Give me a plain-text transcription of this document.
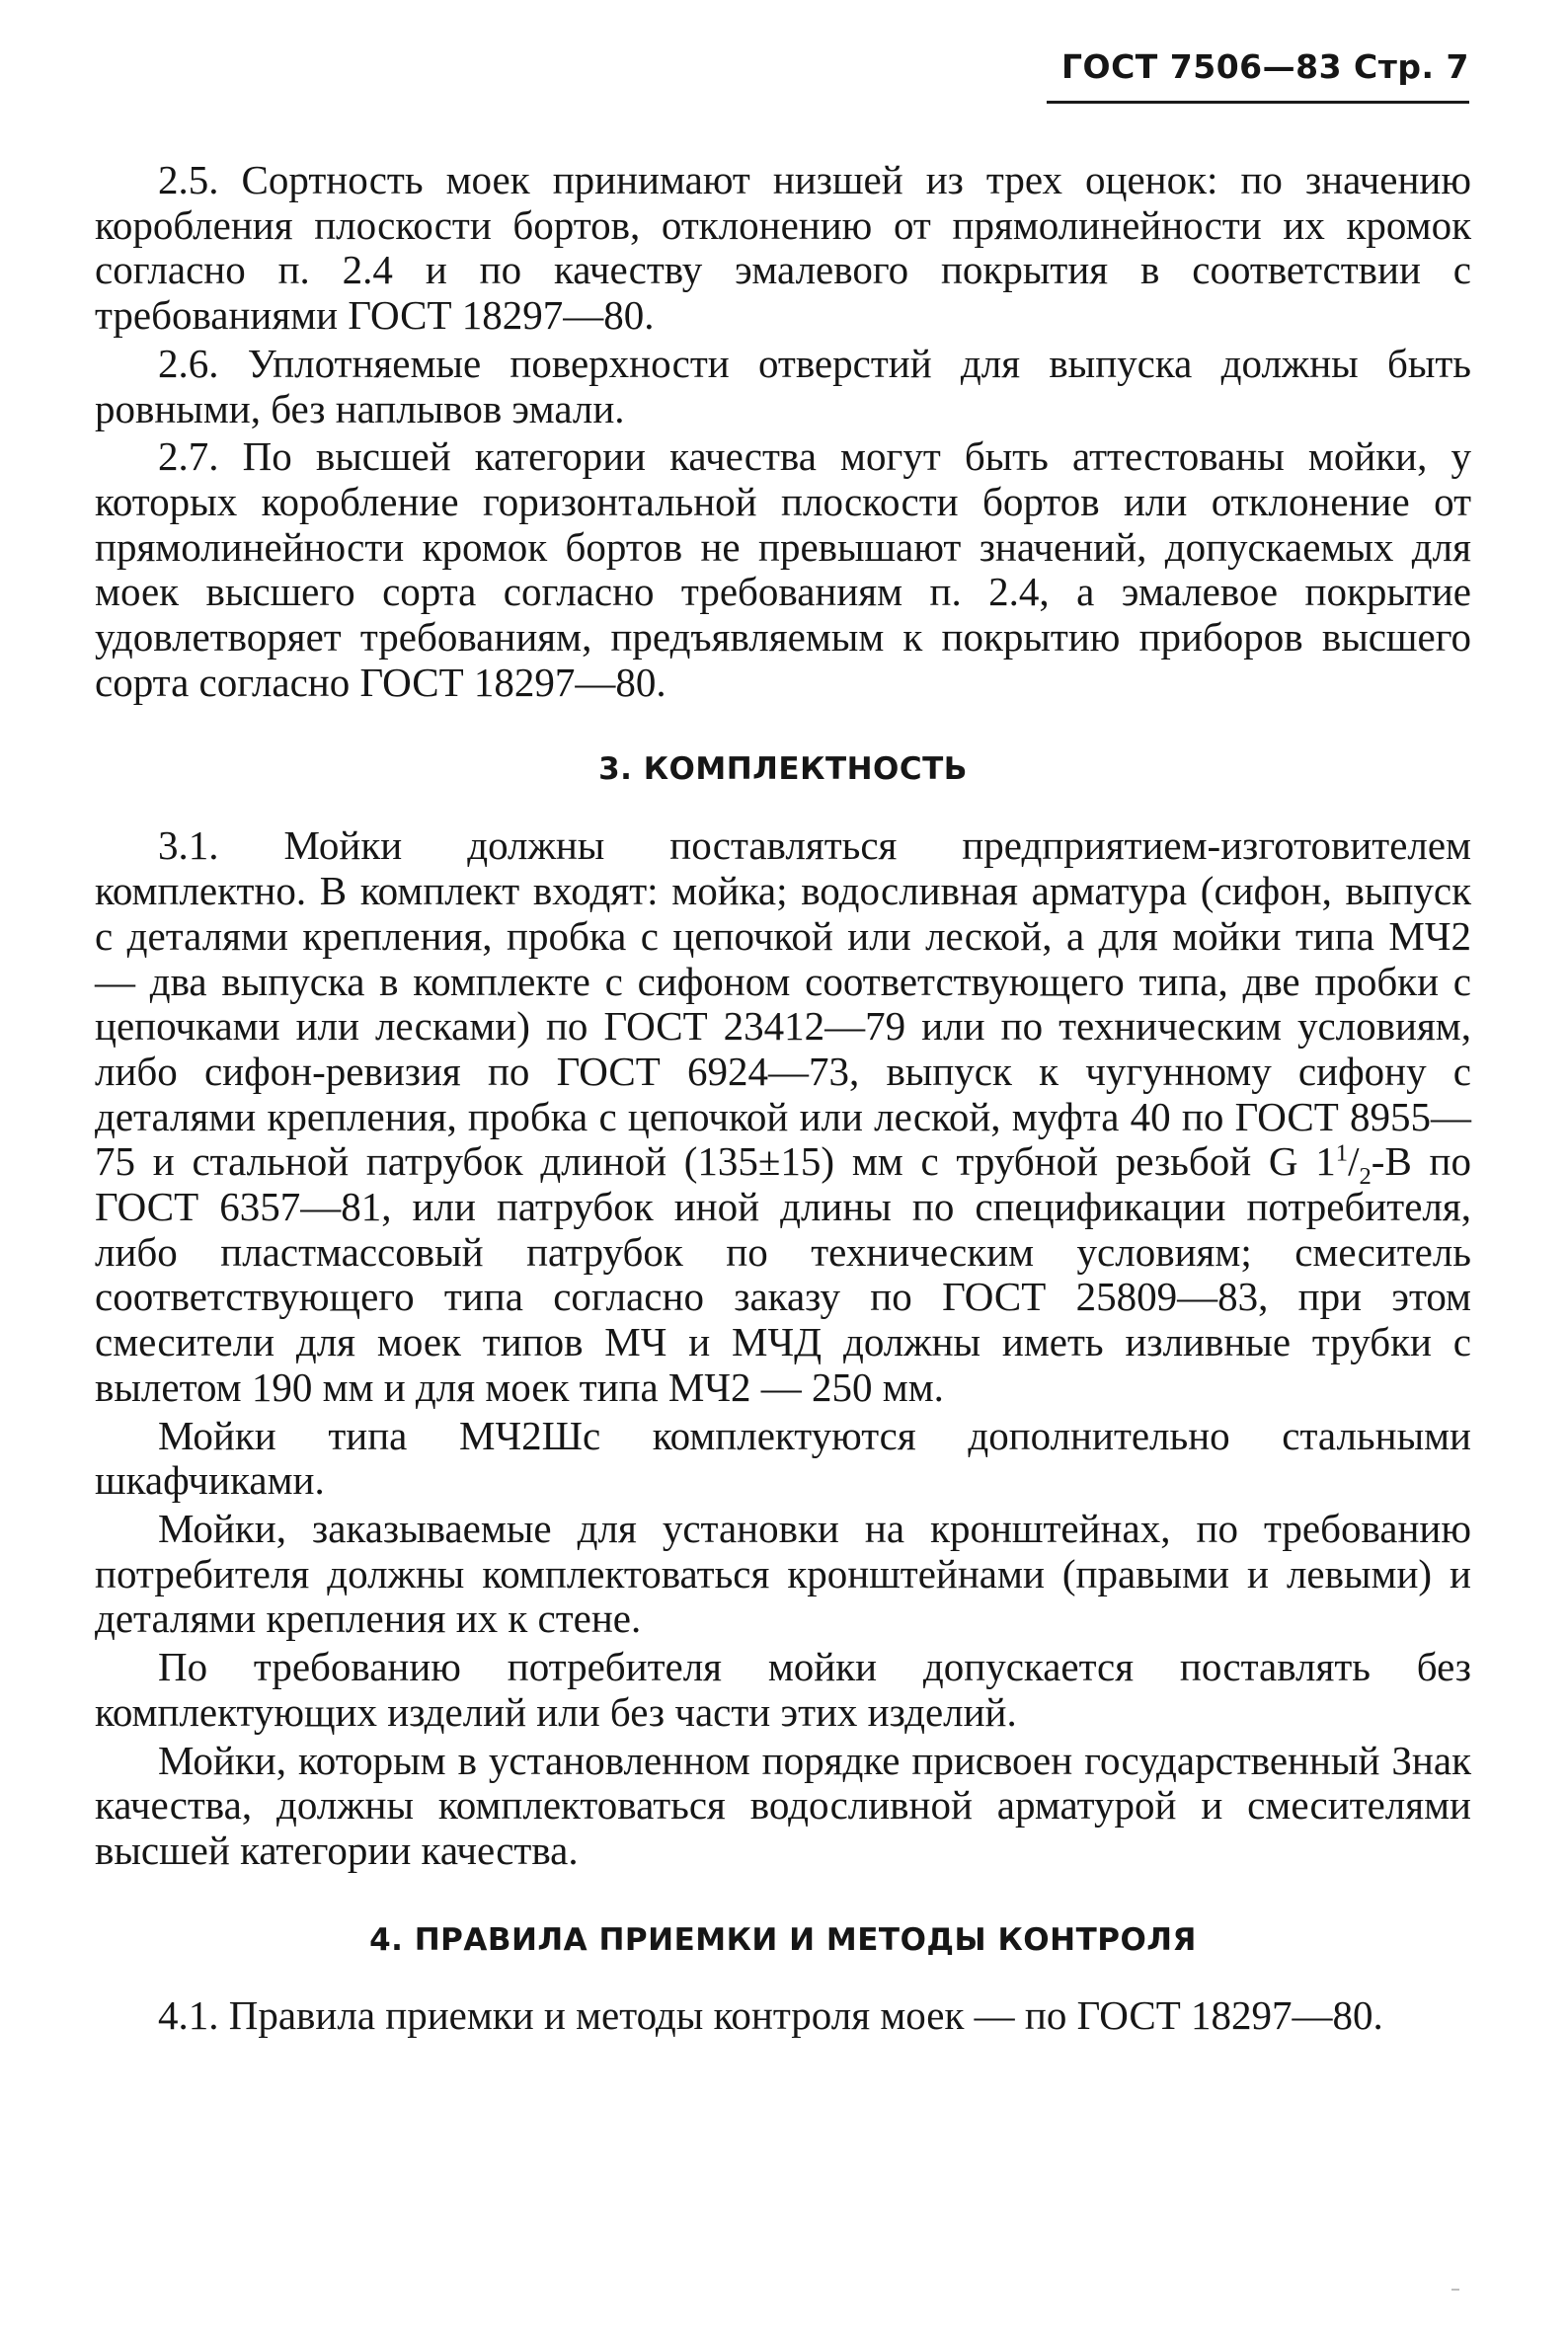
ГОСТ 7506—83 Стр. 7

2.5. Сортность моек принимают низшей из трех оценок: по значению коробления плоскости бортов, отклонению от прямолинейности их кромок согласно п. 2.4 и по качеству эмалевого покрытия в соответствии с требованиями ГОСТ 18297—80.

2.6. Уплотняемые поверхности отверстий для выпуска должны быть ровными, без наплывов эмали.

2.7. По высшей категории качества могут быть аттестованы мойки, у которых коробление горизонтальной плоскости бортов или отклонение от прямолинейности кромок бортов не превышают значений, допускаемых для моек высшего сорта согласно требованиям п. 2.4, а эмалевое покрытие удовлетворяет требованиям, предъявляемым к покрытию приборов высшего сорта согласно ГОСТ 18297—80.

3. КОМПЛЕКТНОСТЬ

3.1. Мойки должны поставляться предприятием-изготовителем комплектно. В комплект входят: мойка; водосливная арматура (сифон, выпуск с деталями крепления, пробка с цепочкой или леской, а для мойки типа МЧ2 — два выпуска в комплекте с сифоном соответствующего типа, две пробки с цепочками или лесками) по ГОСТ 23412—79 или по техническим условиям, либо сифон-ревизия по ГОСТ 6924—73, выпуск к чугунному сифону с деталями крепления, пробка с цепочкой или леской, муфта 40 по ГОСТ 8955—75 и стальной патрубок длиной (135±15) мм с трубной резьбой G $1^1/_2-В$ по ГОСТ 6357—81, или патрубок иной длины по спецификации потребителя, либо пластмассовый патрубок по техническим условиям; смеситель соответствующего типа согласно заказу по ГОСТ 25809—83, при этом смесители для моек типов МЧ и МЧД должны иметь изливные трубки с вылетом 190 мм и для моек типа МЧ2 — 250 мм.

Мойки типа МЧ2Шс комплектуются дополнительно стальными шкафчиками.

Мойки, заказываемые для установки на кронштейнах, по требованию потребителя должны комплектоваться кронштейнами (правыми и левыми) и деталями крепления их к стене.

По требованию потребителя мойки допускается поставлять без комплектующих изделий или без части этих изделий.

Мойки, которым в установленном порядке присвоен государственный Знак качества, должны комплектоваться водосливной арматурой и смесителями высшей категории качества.

4. ПРАВИЛА ПРИЕМКИ И МЕТОДЫ КОНТРОЛЯ

4.1. Правила приемки и методы контроля моек — по ГОСТ 18297—80.
